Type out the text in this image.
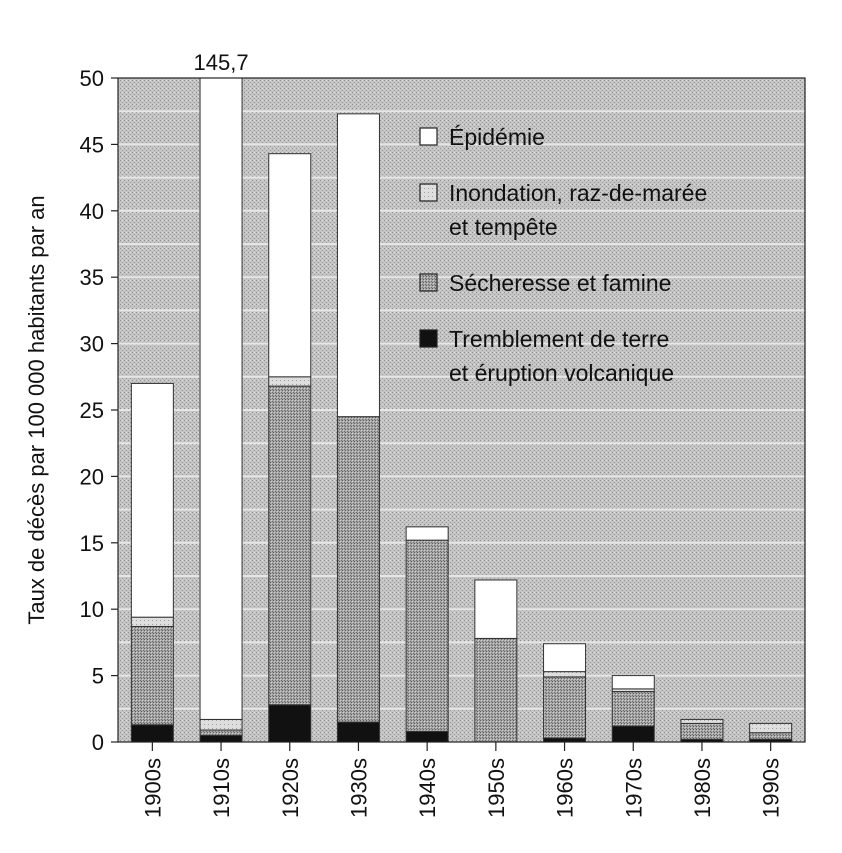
0
5
10
15
20
25
30
35
40
45
50
1900s 1910s 1920s 1930s 1940s 1950s 1960s 1970s 1980s 1990s
Épidémie
Inondation, raz-de-marée
et tempête
Sécheresse et famine
Tremblement de terre
et éruption volcanique
Taux de décès par 100 000 habitants par an
145,7
